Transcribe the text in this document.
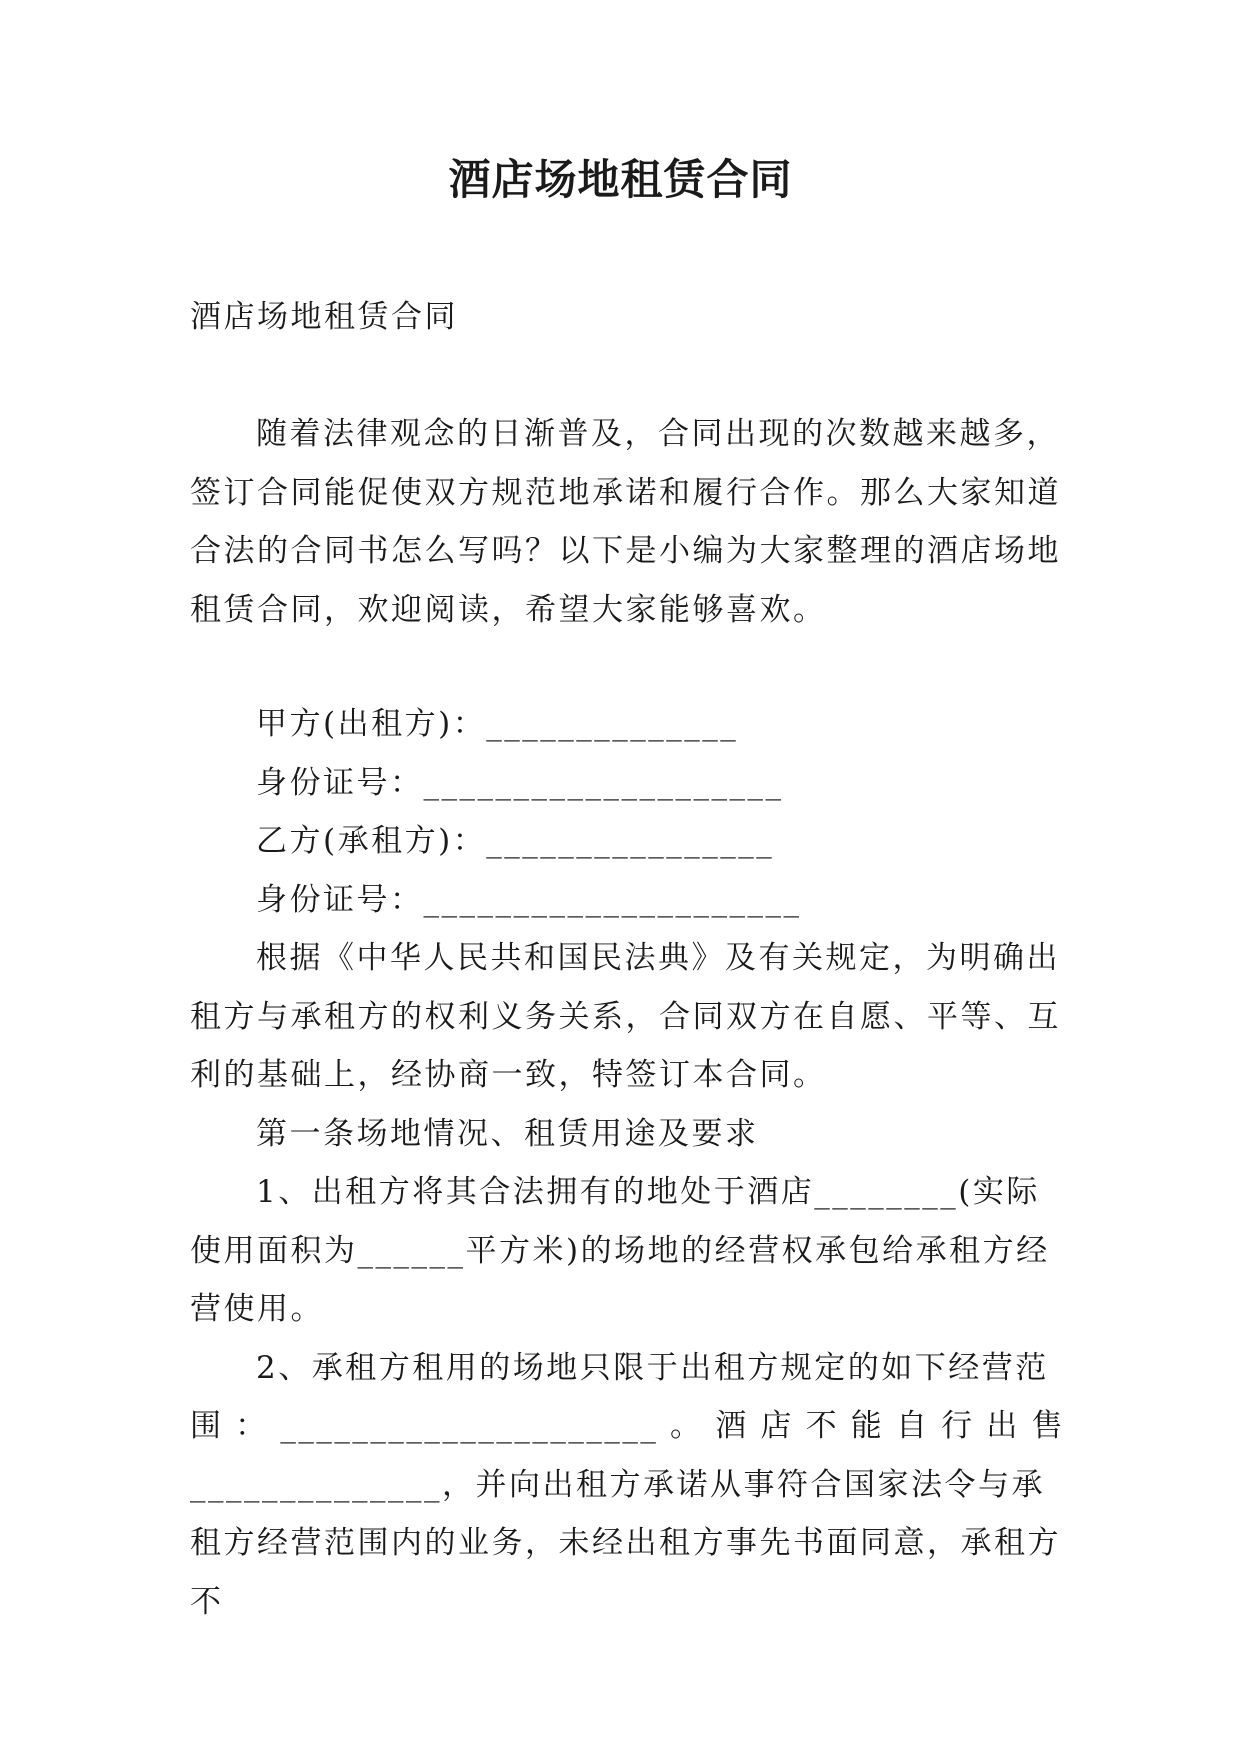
酒店场地租赁合同

酒店场地租赁合同

随着法律观念的日渐普及，合同出现的次数越来越多，签订合同能促使双方规范地承诺和履行合作。那么大家知道合法的合同书怎么写吗？以下是小编为大家整理的酒店场地租赁合同，欢迎阅读，希望大家能够喜欢。

甲方(出租方)：______________

身份证号：____________________

乙方(承租方)：________________

身份证号：_____________________

根据《中华人民共和国民法典》及有关规定，为明确出租方与承租方的权利义务关系，合同双方在自愿、平等、互利的基础上，经协商一致，特签订本合同。

第一条场地情况、租赁用途及要求

1、出租方将其合法拥有的地处于酒店________(实际使用面积为______平方米)的场地的经营权承包给承租方经营使用。

2、承租方租用的场地只限于出租方规定的如下经营范

围：_____________________。酒店不能自行出售

______________，并向出租方承诺从事符合国家法令与承租方经营范围内的业务，未经出租方事先书面同意，承租方不
